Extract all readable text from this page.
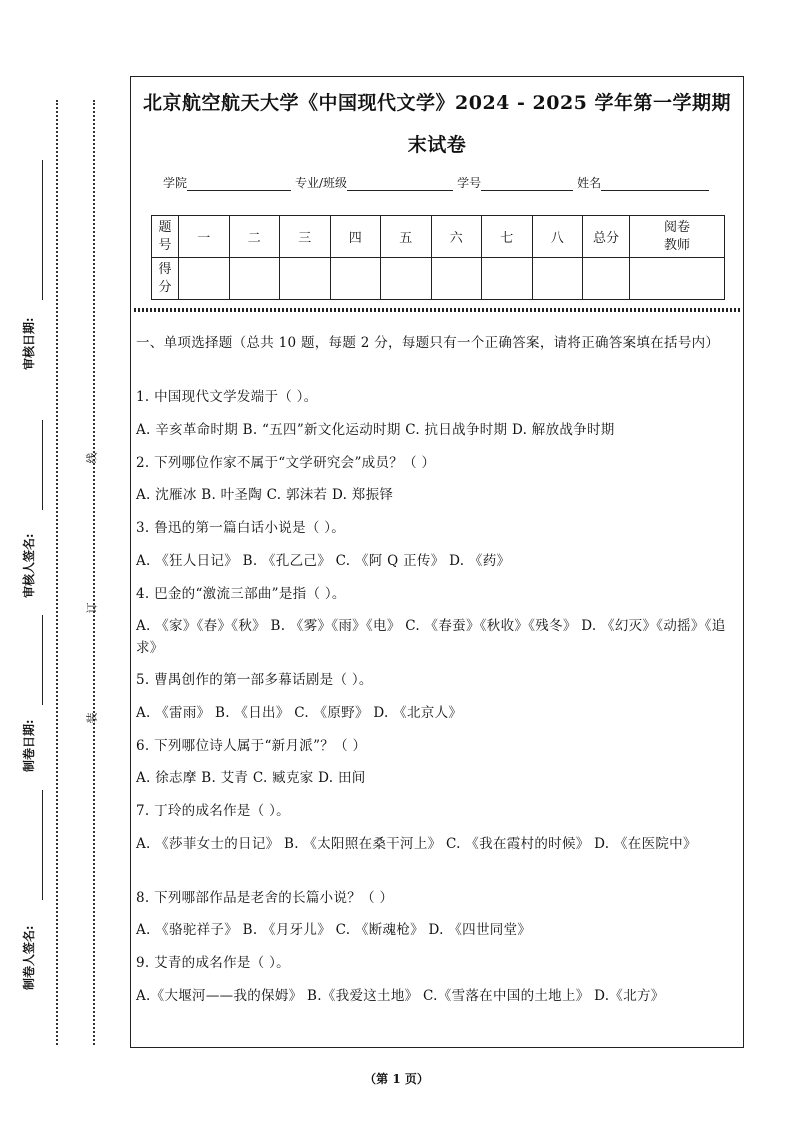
审核日期:
审核人签名:
制卷日期:
制卷人签名:
线
订
装
北京航空航天大学《中国现代文学》2024 - 2025 学年第一学期期
末试卷
学院	专业/班级	学号	姓名
题
号	一	二	三	四	五	六	七	八	总分	阅卷
教师
得
分										
一、单项选择题（总共 10 题，每题 2 分，每题只有一个正确答案，请将正确答案填在括号内）
1. 中国现代文学发端于（ ）。
A. 辛亥革命时期 B. “五四”新文化运动时期 C. 抗日战争时期 D. 解放战争时期
2. 下列哪位作家不属于“文学研究会”成员？（ ）
A. 沈雁冰 B. 叶圣陶 C. 郭沫若 D. 郑振铎
3. 鲁迅的第一篇白话小说是（ ）。
A. 《狂人日记》 B. 《孔乙己》 C. 《阿 Q 正传》 D. 《药》
4. 巴金的“激流三部曲”是指（ ）。
A. 《家》《春》《秋》 B. 《雾》《雨》《电》 C. 《春蚕》《秋收》《残冬》 D. 《幻灭》《动摇》《追求》
5. 曹禺创作的第一部多幕话剧是（ ）。
A. 《雷雨》 B. 《日出》 C. 《原野》 D. 《北京人》
6. 下列哪位诗人属于“新月派”？（ ）
A. 徐志摩 B. 艾青 C. 臧克家 D. 田间
7. 丁玲的成名作是（ ）。
A. 《莎菲女士的日记》 B. 《太阳照在桑干河上》 C. 《我在霞村的时候》 D. 《在医院中》
8. 下列哪部作品是老舍的长篇小说？（ ）
A. 《骆驼祥子》 B. 《月牙儿》 C. 《断魂枪》 D. 《四世同堂》
9. 艾青的成名作是（ ）。
A.《大堰河——我的保姆》 B.《我爱这土地》 C.《雪落在中国的土地上》 D.《北方》
（第 1 页）
